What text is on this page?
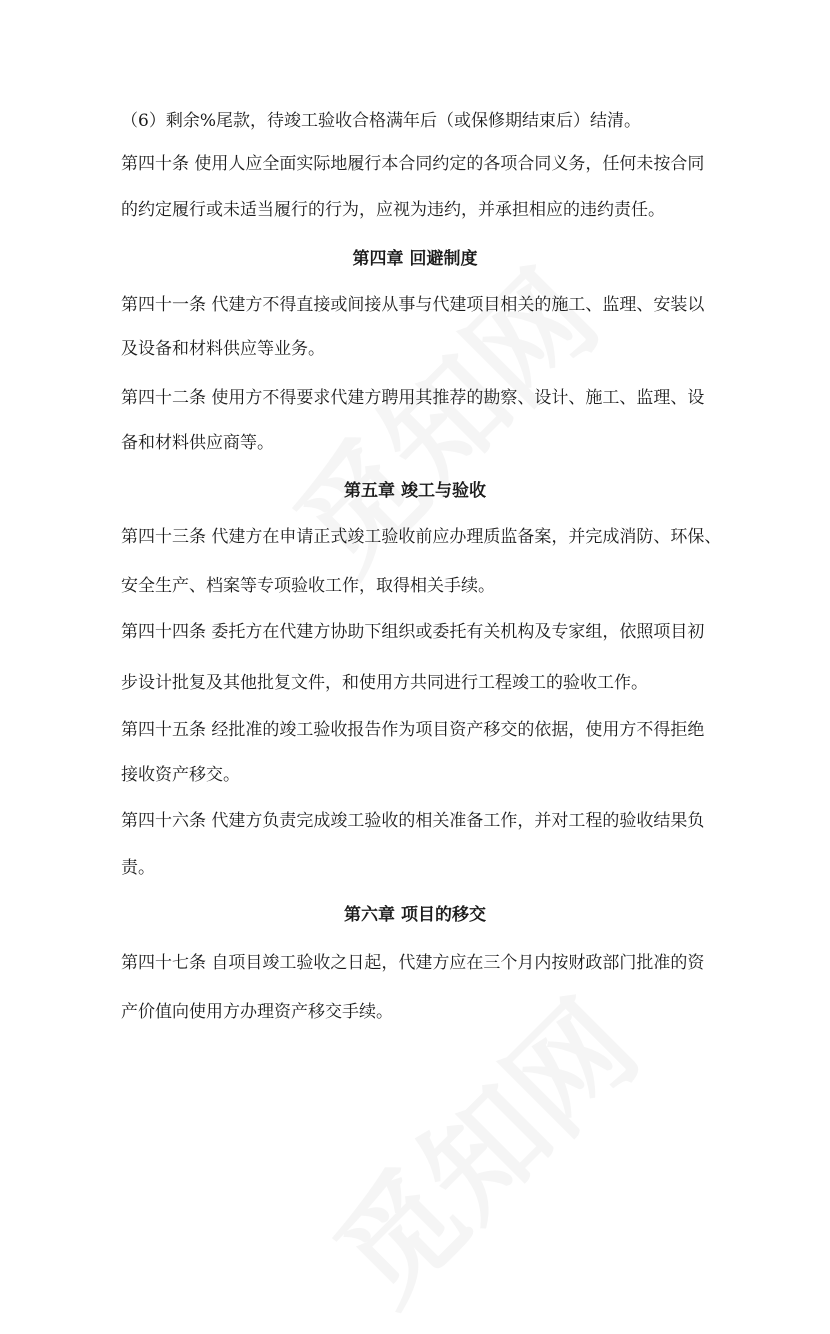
（6）剩余%尾款，待竣工验收合格满年后（或保修期结束后）结清。
第四十条 使用人应全面实际地履行本合同约定的各项合同义务，任何未按合同
的约定履行或未适当履行的行为，应视为违约，并承担相应的违约责任。
第四章 回避制度
第四十一条 代建方不得直接或间接从事与代建项目相关的施工、监理、安装以
及设备和材料供应等业务。
第四十二条 使用方不得要求代建方聘用其推荐的勘察、设计、施工、监理、设
备和材料供应商等。
第五章 竣工与验收
第四十三条 代建方在申请正式竣工验收前应办理质监备案，并完成消防、环保、
安全生产、档案等专项验收工作，取得相关手续。
第四十四条 委托方在代建方协助下组织或委托有关机构及专家组，依照项目初
步设计批复及其他批复文件，和使用方共同进行工程竣工的验收工作。
第四十五条 经批准的竣工验收报告作为项目资产移交的依据，使用方不得拒绝
接收资产移交。
第四十六条 代建方负责完成竣工验收的相关准备工作，并对工程的验收结果负
责。
第六章 项目的移交
第四十七条 自项目竣工验收之日起，代建方应在三个月内按财政部门批准的资
产价值向使用方办理资产移交手续。
